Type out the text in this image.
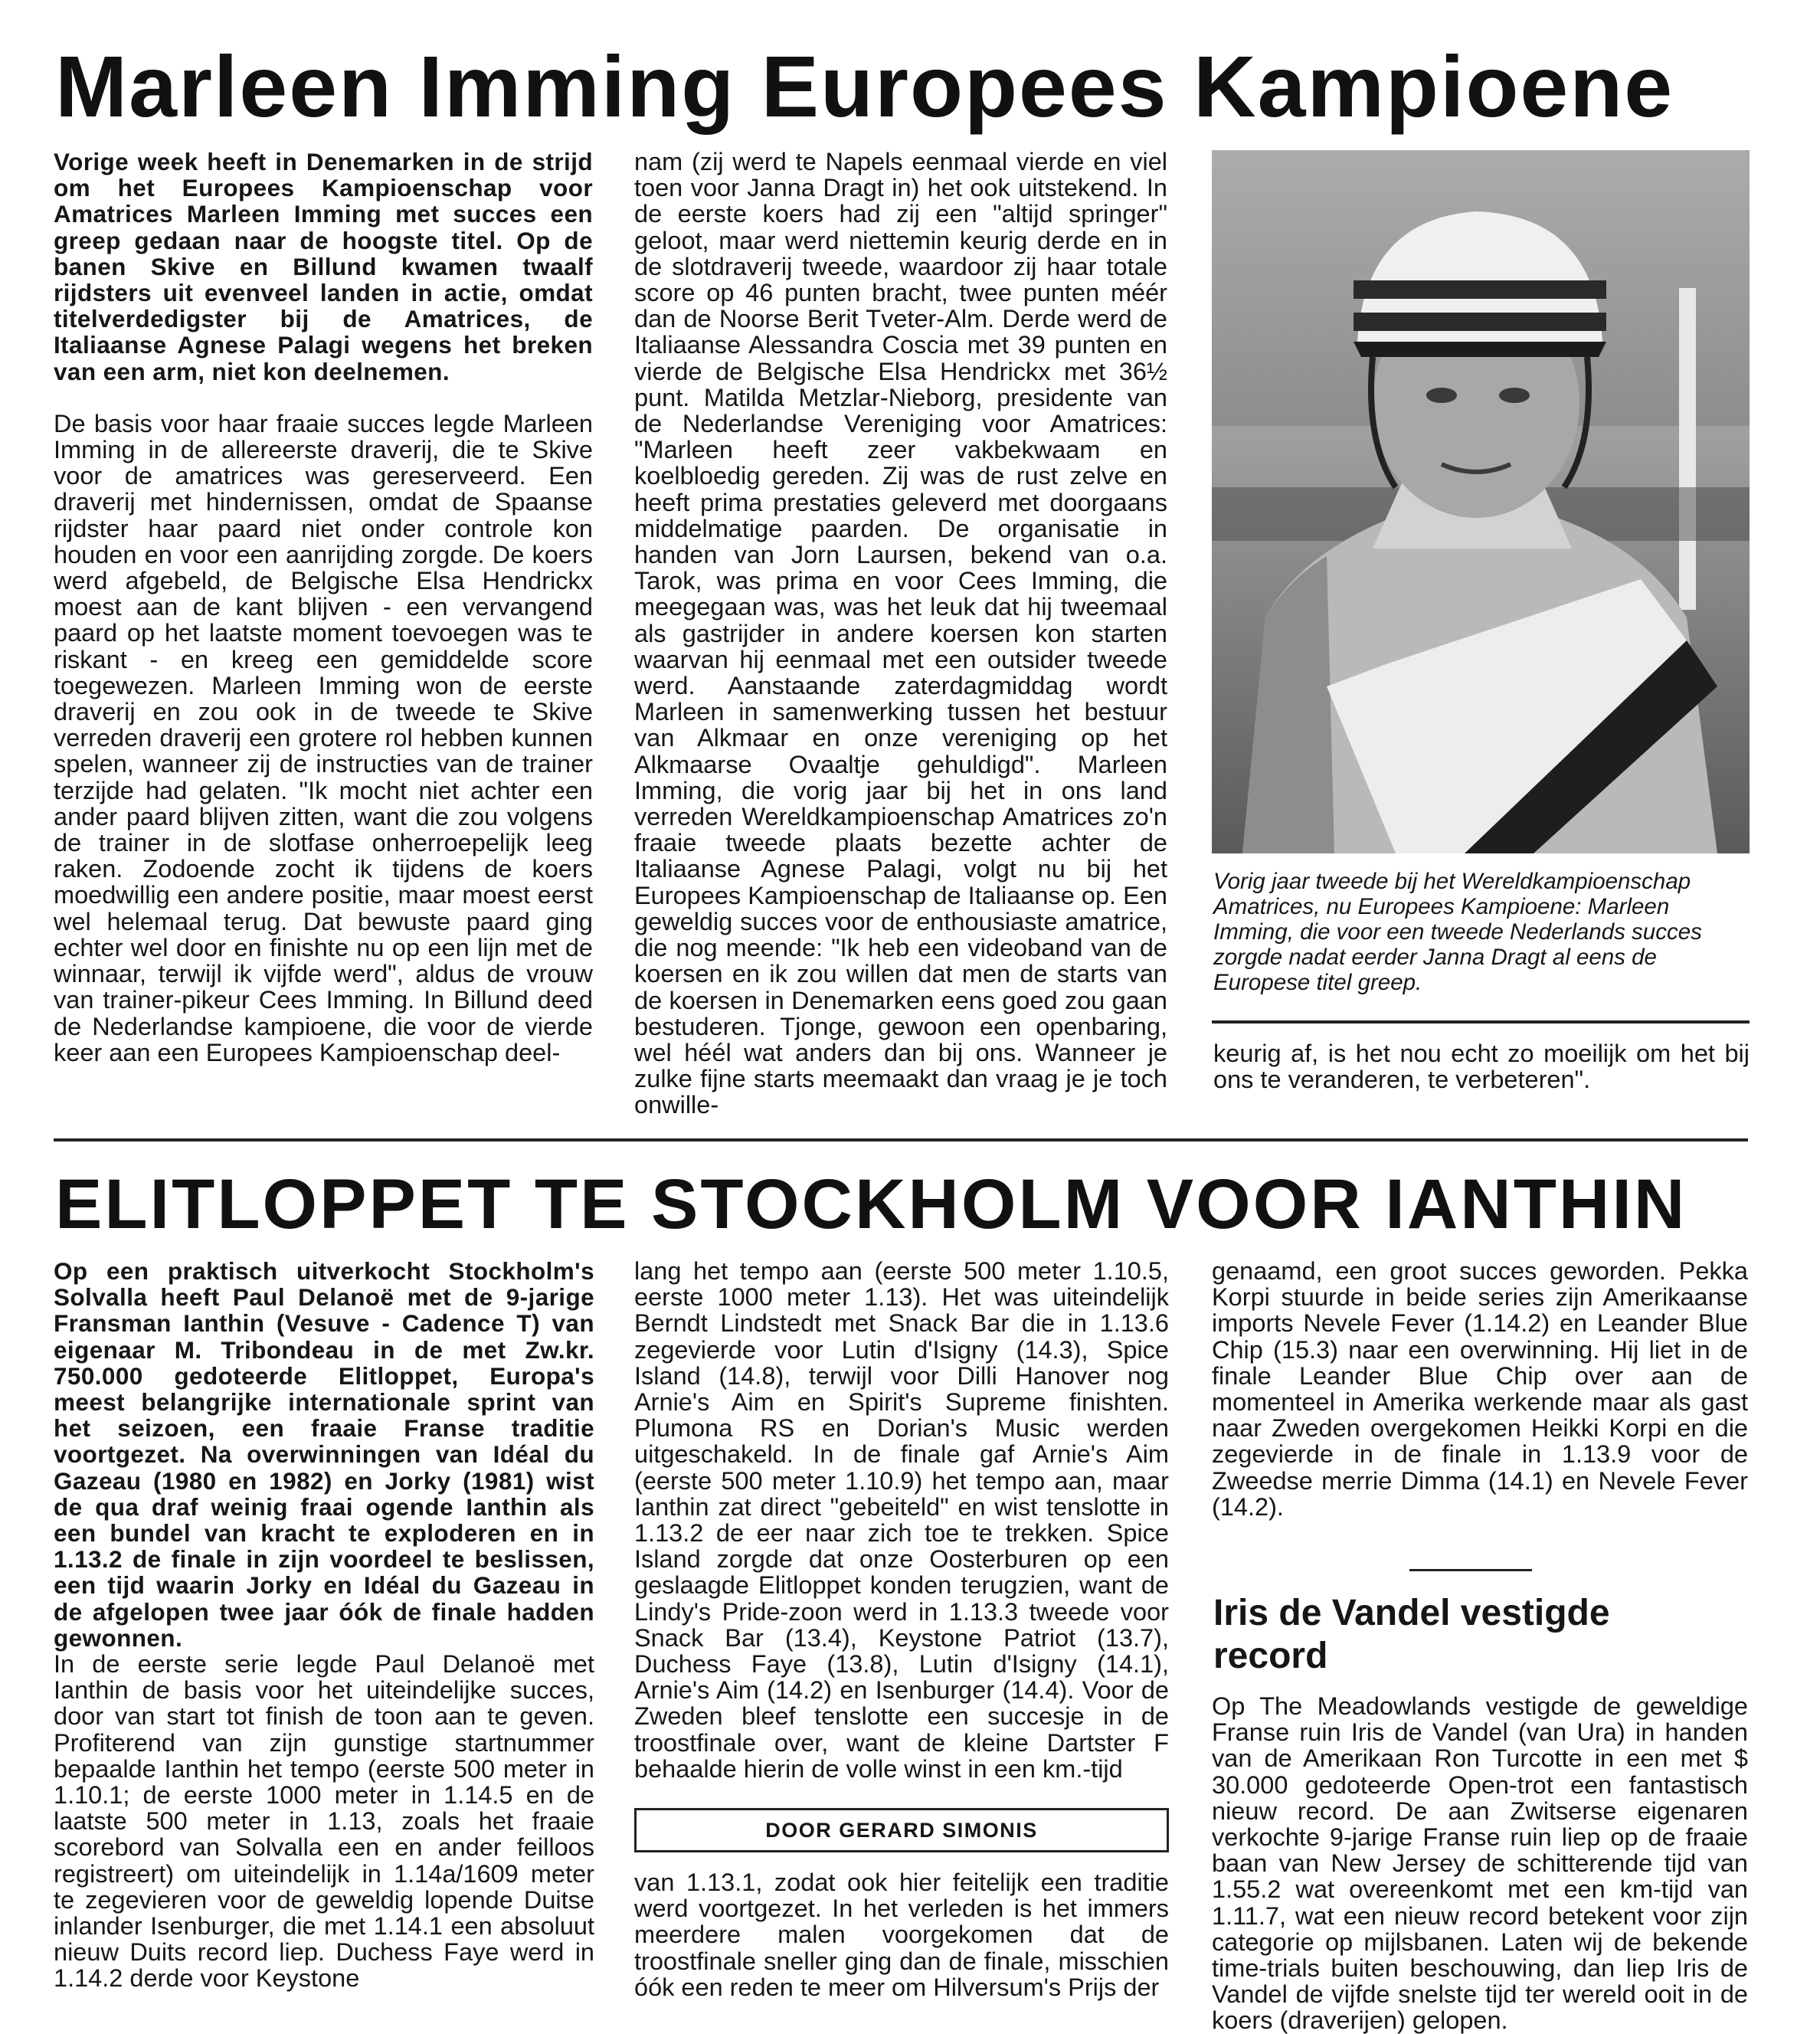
Marleen Imming Europees Kampioene

Vorige week heeft in Denemarken in de strijd om het Europees Kampioenschap voor Amatrices Marleen Imming met succes een greep gedaan naar de hoogste titel. Op de banen Skive en Billund kwamen twaalf rijdsters uit evenveel landen in actie, omdat titelverdedigster bij de Amatrices, de Italiaanse Agnese Palagi wegens het breken van een arm, niet kon deelnemen.

De basis voor haar fraaie succes legde Marleen Imming in de allereerste draverij, die te Skive voor de amatrices was gereserveerd. Een draverij met hindernissen, omdat de Spaanse rijdster haar paard niet onder controle kon houden en voor een aanrijding zorgde. De koers werd afgebeld, de Belgische Elsa Hendrickx moest aan de kant blijven - een vervangend paard op het laatste moment toevoegen was te riskant - en kreeg een gemiddelde score toegewezen. Marleen Imming won de eerste draverij en zou ook in de tweede te Skive verreden draverij een grotere rol hebben kunnen spelen, wanneer zij de instructies van de trainer terzijde had gelaten. "Ik mocht niet achter een ander paard blijven zitten, want die zou volgens de trainer in de slotfase onherroepelijk leeg raken. Zodoende zocht ik tijdens de koers moedwillig een andere positie, maar moest eerst wel helemaal terug. Dat bewuste paard ging echter wel door en finishte nu op een lijn met de winnaar, terwijl ik vijfde werd", aldus de vrouw van trainer-pikeur Cees Imming. In Billund deed de Nederlandse kampioene, die voor de vierde keer aan een Europees Kampioenschap deel-

nam (zij werd te Napels eenmaal vierde en viel toen voor Janna Dragt in) het ook uitstekend. In de eerste koers had zij een "altijd springer" geloot, maar werd niettemin keurig derde en in de slotdraverij tweede, waardoor zij haar totale score op 46 punten bracht, twee punten méér dan de Noorse Berit Tveter-Alm. Derde werd de Italiaanse Alessandra Coscia met 39 punten en vierde de Belgische Elsa Hendrickx met 36½ punt. Matilda Metzlar-Nieborg, presidente van de Nederlandse Vereniging voor Amatrices: "Marleen heeft zeer vakbekwaam en koelbloedig gereden. Zij was de rust zelve en heeft prima prestaties geleverd met doorgaans middelmatige paarden. De organisatie in handen van Jorn Laursen, bekend van o.a. Tarok, was prima en voor Cees Imming, die meegegaan was, was het leuk dat hij tweemaal als gastrijder in andere koersen kon starten waarvan hij eenmaal met een outsider tweede werd. Aanstaande zaterdagmiddag wordt Marleen in samenwerking tussen het bestuur van Alkmaar en onze vereniging op het Alkmaarse Ovaaltje gehuldigd". Marleen Imming, die vorig jaar bij het in ons land verreden Wereldkampioenschap Amatrices zo'n fraaie tweede plaats bezette achter de Italiaanse Agnese Palagi, volgt nu bij het Europees Kampioenschap de Italiaanse op. Een geweldig succes voor de enthousiaste amatrice, die nog meende: "Ik heb een videoband van de koersen en ik zou willen dat men de starts van de koersen in Denemarken eens goed zou gaan bestuderen. Tjonge, gewoon een openbaring, wel héél wat anders dan bij ons. Wanneer je zulke fijne starts meemaakt dan vraag je je toch onwille-

Vorig jaar tweede bij het Wereldkampioenschap Amatrices, nu Europees Kampioene: Marleen Imming, die voor een tweede Nederlands succes zorgde nadat eerder Janna Dragt al eens de Europese titel greep.

keurig af, is het nou echt zo moeilijk om het bij ons te veranderen, te verbeteren".

ELITLOPPET TE STOCKHOLM VOOR IANTHIN

Op een praktisch uitverkocht Stockholm's Solvalla heeft Paul Delanoë met de 9-jarige Fransman Ianthin (Vesuve - Cadence T) van eigenaar M. Tribondeau in de met Zw.kr. 750.000 gedoteerde Elitloppet, Europa's meest belangrijke internationale sprint van het seizoen, een fraaie Franse traditie voortgezet. Na overwinningen van Idéal du Gazeau (1980 en 1982) en Jorky (1981) wist de qua draf weinig fraai ogende Ianthin als een bundel van kracht te exploderen en in 1.13.2 de finale in zijn voordeel te beslissen, een tijd waarin Jorky en Idéal du Gazeau in de afgelopen twee jaar óók de finale hadden gewonnen.

In de eerste serie legde Paul Delanoë met Ianthin de basis voor het uiteindelijke succes, door van start tot finish de toon aan te geven. Profiterend van zijn gunstige startnummer bepaalde Ianthin het tempo (eerste 500 meter in 1.10.1; de eerste 1000 meter in 1.14.5 en de laatste 500 meter in 1.13, zoals het fraaie scorebord van Solvalla een en ander feilloos registreert) om uiteindelijk in 1.14a/1609 meter te zegevieren voor de geweldig lopende Duitse inlander Isenburger, die met 1.14.1 een absoluut nieuw Duits record liep. Duchess Faye werd in 1.14.2 derde voor Keystone

lang het tempo aan (eerste 500 meter 1.10.5, eerste 1000 meter 1.13). Het was uiteindelijk Berndt Lindstedt met Snack Bar die in 1.13.6 zegevierde voor Lutin d'Isigny (14.3), Spice Island (14.8), terwijl voor Dilli Hanover nog Arnie's Aim en Spirit's Supreme finishten. Plumona RS en Dorian's Music werden uitgeschakeld. In de finale gaf Arnie's Aim (eerste 500 meter 1.10.9) het tempo aan, maar Ianthin zat direct "gebeiteld" en wist tenslotte in 1.13.2 de eer naar zich toe te trekken. Spice Island zorgde dat onze Oosterburen op een geslaagde Elitloppet konden terugzien, want de Lindy's Pride-zoon werd in 1.13.3 tweede voor Snack Bar (13.4), Keystone Patriot (13.7), Duchess Faye (13.8), Lutin d'Isigny (14.1), Arnie's Aim (14.2) en Isenburger (14.4). Voor de Zweden bleef tenslotte een succesje in de troostfinale over, want de kleine Dartster F behaalde hierin de volle winst in een km.-tijd

DOOR GERARD SIMONIS

van 1.13.1, zodat ook hier feitelijk een traditie werd voortgezet. In het verleden is het immers meerdere malen voorgekomen dat de troostfinale sneller ging dan de finale, misschien óók een reden te meer om Hilversum's Prijs der

genaamd, een groot succes geworden. Pekka Korpi stuurde in beide series zijn Amerikaanse imports Nevele Fever (1.14.2) en Leander Blue Chip (15.3) naar een overwinning. Hij liet in de finale Leander Blue Chip over aan de momenteel in Amerika werkende maar als gast naar Zweden overgekomen Heikki Korpi en die zegevierde in de finale in 1.13.9 voor de Zweedse merrie Dimma (14.1) en Nevele Fever (14.2).

Iris de Vandel vestigde record

Op The Meadowlands vestigde de geweldige Franse ruin Iris de Vandel (van Ura) in handen van de Amerikaan Ron Turcotte in een met $ 30.000 gedoteerde Open-trot een fantastisch nieuw record. De aan Zwitserse eigenaren verkochte 9-jarige Franse ruin liep op de fraaie baan van New Jersey de schitterende tijd van 1.55.2 wat overeenkomt met een km-tijd van 1.11.7, wat een nieuw record betekent voor zijn categorie op mijlsbanen. Laten wij de bekende time-trials buiten beschouwing, dan liep Iris de Vandel de vijfde snelste tijd ter wereld ooit in de koers (draverijen) gelopen.
